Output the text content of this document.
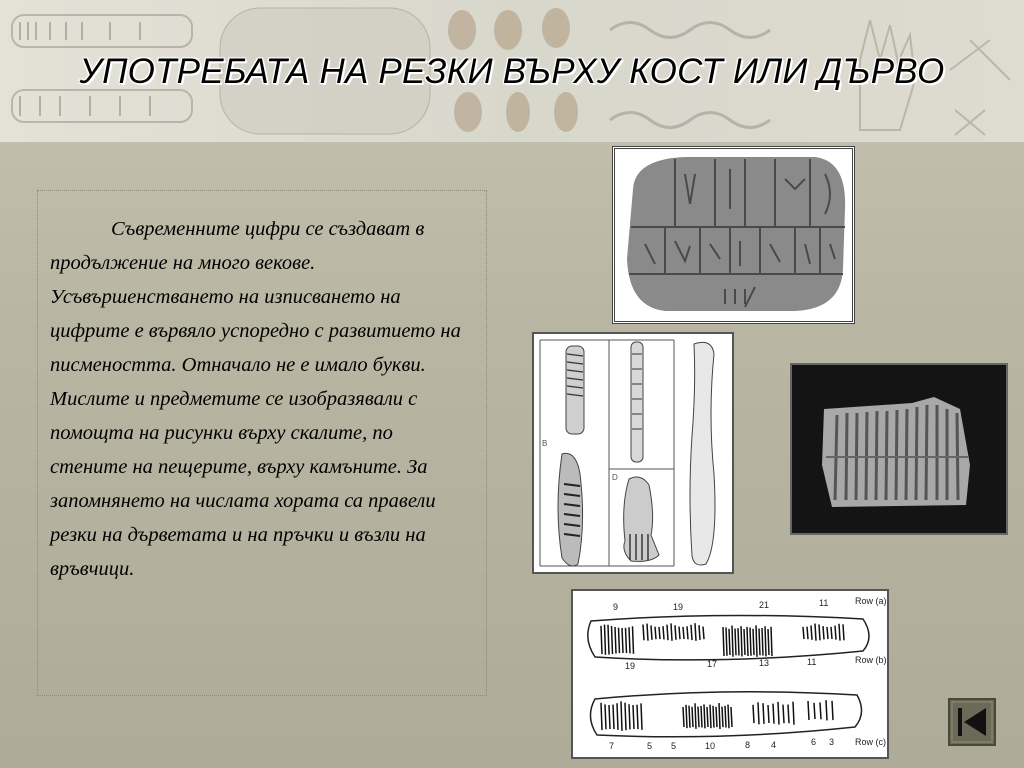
УПОТРЕБАТА НА РЕЗКИ ВЪРХУ КОСТ ИЛИ ДЪРВО

Съвременните цифри се създават в продължение на много векове. Усъвършенстването на изписването на цифрите е вървяло успоредно с развитието на писмеността. Отначало не е имало букви. Мислите и предметите се изобразявали с помощта на рисунки върху скалите, по стените на пещерите, върху камъните. За запомнянето на числата хората са правели резки на дърветата и на пръчки и възли на връвчици.

B
D
9	19	21	11	Row (a)
19	17	13	11	Row (b)
7	5 5	10	8 4	6 3 Row (c)
